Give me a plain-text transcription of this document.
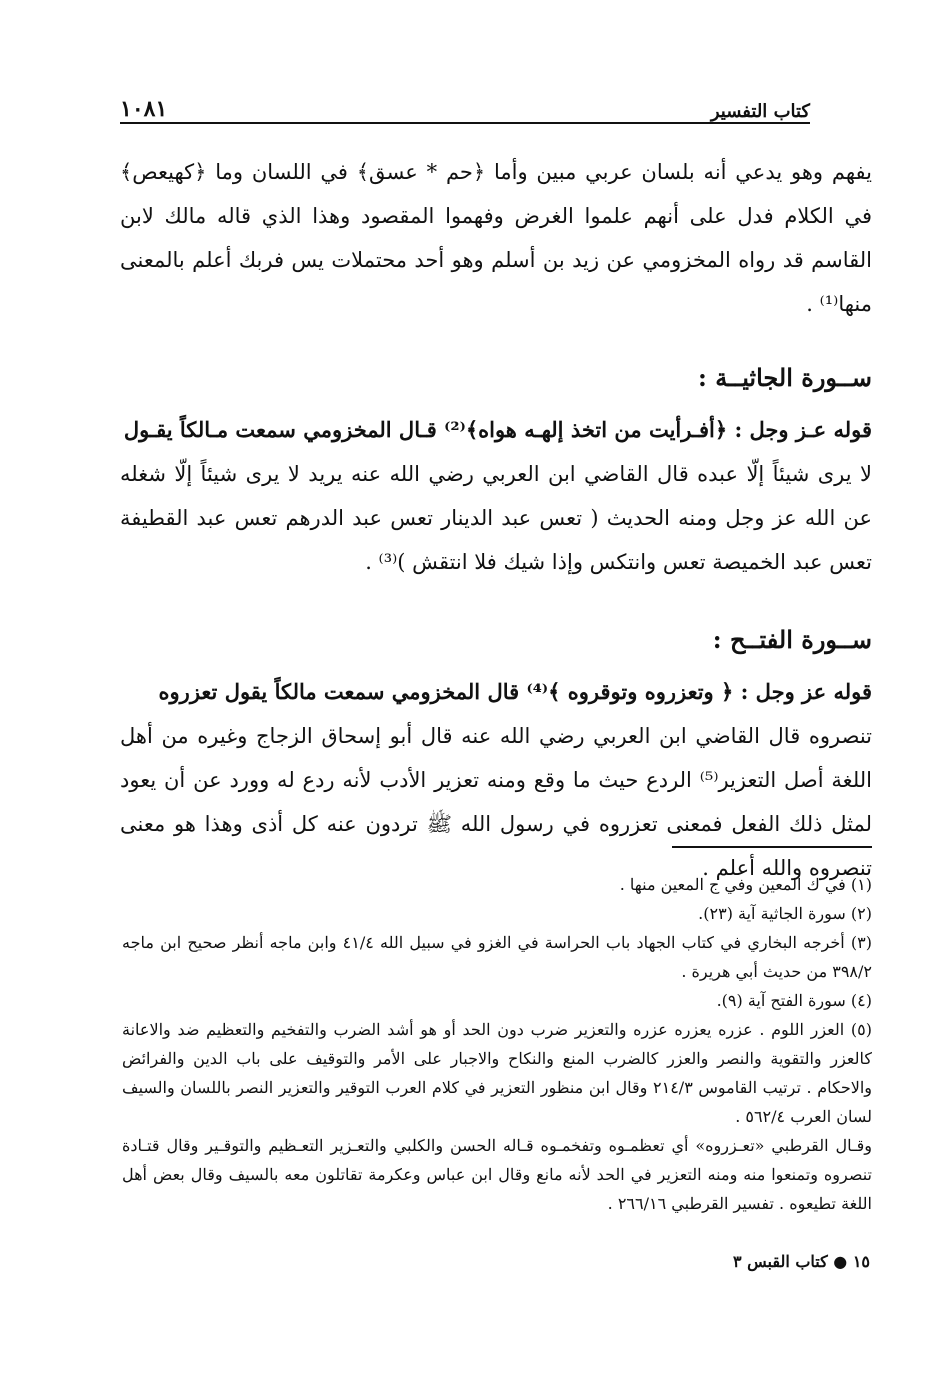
١٠٨١	كتاب التفسير

يفهم وهو يدعي أنه بلسان عربي مبين وأما ﴿حم * عسق﴾ في اللسان وما ﴿كهيعص﴾ في الكلام فدل على أنهم علموا الغرض وفهموا المقصود وهذا الذي قاله مالك لابن القاسم قد رواه المخزومي عن زيد بن أسلم وهو أحد محتملات يس فربك أعلم بالمعنى منها⁽¹⁾ .

ســورة الجاثيــة :

قوله عـز وجل : ﴿أفـرأيت من اتخذ إلهـه هواه﴾⁽²⁾ قـال المخزومي سمعت مـالكاً يقـول

لا يرى شيئاً إلّا عبده قال القاضي ابن العربي رضي الله عنه يريد لا يرى شيئاً إلّا شغله عن الله عز وجل ومنه الحديث ( تعس عبد الدينار تعس عبد الدرهم تعس عبد القطيفة تعس عبد الخميصة تعس وانتكس وإذا شيك فلا انتقش )⁽³⁾ .

ســورة الفتــح :

قوله عز وجل : ﴿ وتعزروه وتوقروه ﴾⁽⁴⁾ قال المخزومي سمعت مالكاً يقول تعزروه

تنصروه قال القاضي ابن العربي رضي الله عنه قال أبو إسحاق الزجاج وغيره من أهل اللغة أصل التعزير⁽⁵⁾ الردع حيث ما وقع ومنه تعزير الأدب لأنه ردع له وورد عن أن يعود لمثل ذلك الفعل فمعنى تعزروه في رسول الله ﷺ تردون عنه كل أذى وهذا هو معنى تنصروه والله أعلم .

(١) في ك المعين وفي ج المعين منها .

(٢) سورة الجاثية آية (٢٣).

(٣) أخرجه البخاري في كتاب الجهاد باب الحراسة في الغزو في سبيل الله ٤١/٤ وابن ماجه أنظر صحيح ابن ماجه ٣٩٨/٢ من حديث أبي هريرة .

(٤) سورة الفتح آية (٩).

(٥) العزر اللوم . عزره يعزره عزره والتعزير ضرب دون الحد أو هو أشد الضرب والتفخيم والتعظيم ضد والاعانة كالعزر والتقوية والنصر والعزر كالضرب المنع والنكاح والاجبار على الأمر والتوقيف على باب الدين والفرائض والاحكام . ترتيب القاموس ٢١٤/٣ وقال ابن منظور التعزير في كلام العرب التوقير والتعزير النصر باللسان والسيف لسان العرب ٥٦٢/٤ .

وقـال القرطبي «تعـزروه» أي تعظمـوه وتفخمـوه قـاله الحسن والكلبي والتعـزير التعـظيم والتوقـير وقال قتـادة تنصروه وتمنعوا منه ومنه التعزير في الحد لأنه مانع وقال ابن عباس وعكرمة تقاتلون معه بالسيف وقال بعض أهل اللغة تطيعوه . تفسير القرطبي ٢٦٦/١٦ .

١٥ ● كتاب القبس ٣
